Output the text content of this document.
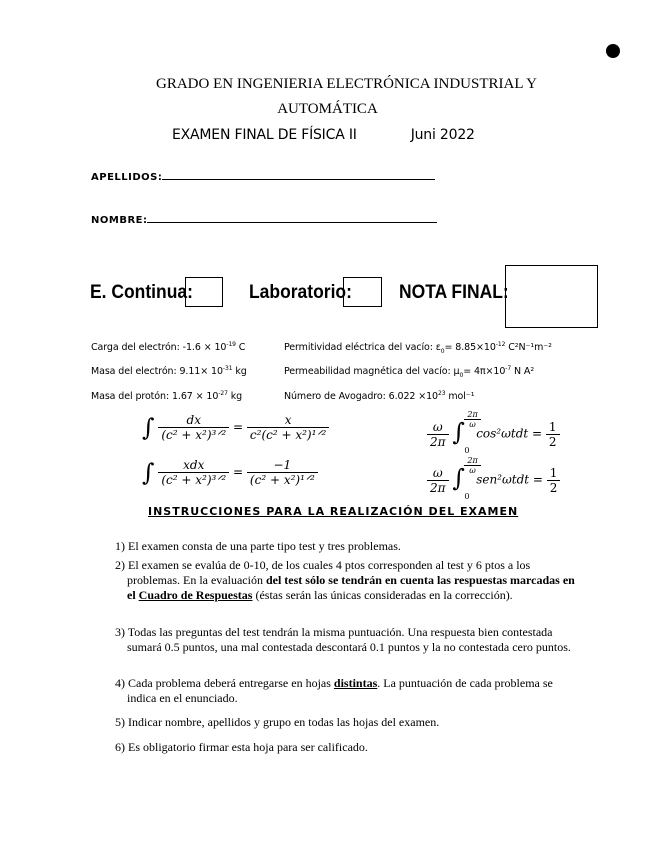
GRADO EN INGENIERIA ELECTRÓNICA INDUSTRIAL Y
AUTOMÁTICA
EXAMEN FINAL DE FÍSICA II	Juni 2022
APELLIDOS:
NOMBRE:
E. Continua:	Laboratorio: NOTA FINAL:
Carga del electrón: $-1.6 \times 10^{-19}$ C
Masa del electrón: $9.11\times 10^{-31}$ kg
Masa del protón: $1.67 \times 10^{-27}$ kg
Permitividad eléctrica del vacío: $\varepsilon_0= 8.85\times 10^{-12}$ C²N⁻¹m⁻²
Permeabilidad magnética del vacío: $\mu_0= 4\pi\times 10^{-7}$ N A²
Número de Avogadro: $6.022 \times 10^{23}$ mol⁻¹
∫ $\frac{dx}{\text{(c² + x²)³ᐟ²}} = \frac{x}{\text{c²(c² + x²)¹ᐟ²}}$
∫ $\frac{\text{xdx}}{\text{(c² + x²)³ᐟ²}} = \frac{-1}{\text{(c² + x²)¹ᐟ²}}$
$\frac{\omega}{2\pi}$
∫ $\frac{2\pi}{\omega}$
0
$\cos^2\omega tdt = \frac{1}{2}$
$\frac{\omega}{2\pi}$
∫ $\frac{2\pi}{\omega}$
0
$sen^2\omega tdt = \frac{1}{2}$
INSTRUCCIONES PARA LA REALIZACIÓN DEL EXAMEN
1) El examen consta de una parte tipo test y tres problemas.
2) El examen se evalúa de 0-10, de los cuales 4 ptos corresponden al test y 6 ptos a los problemas. En la evaluación del test sólo se tendrán en cuenta las respuestas marcadas en el Cuadro de Respuestas (éstas serán las únicas consideradas en la corrección).
3) Todas las preguntas del test tendrán la misma puntuación. Una respuesta bien contestada sumará 0.5 puntos, una mal contestada descontará 0.1 puntos y la no contestada cero puntos.
4) Cada problema deberá entregarse en hojas distintas. La puntuación de cada problema se indica en el enunciado.
5) Indicar nombre, apellidos y grupo en todas las hojas del examen.
6) Es obligatorio firmar esta hoja para ser calificado.
